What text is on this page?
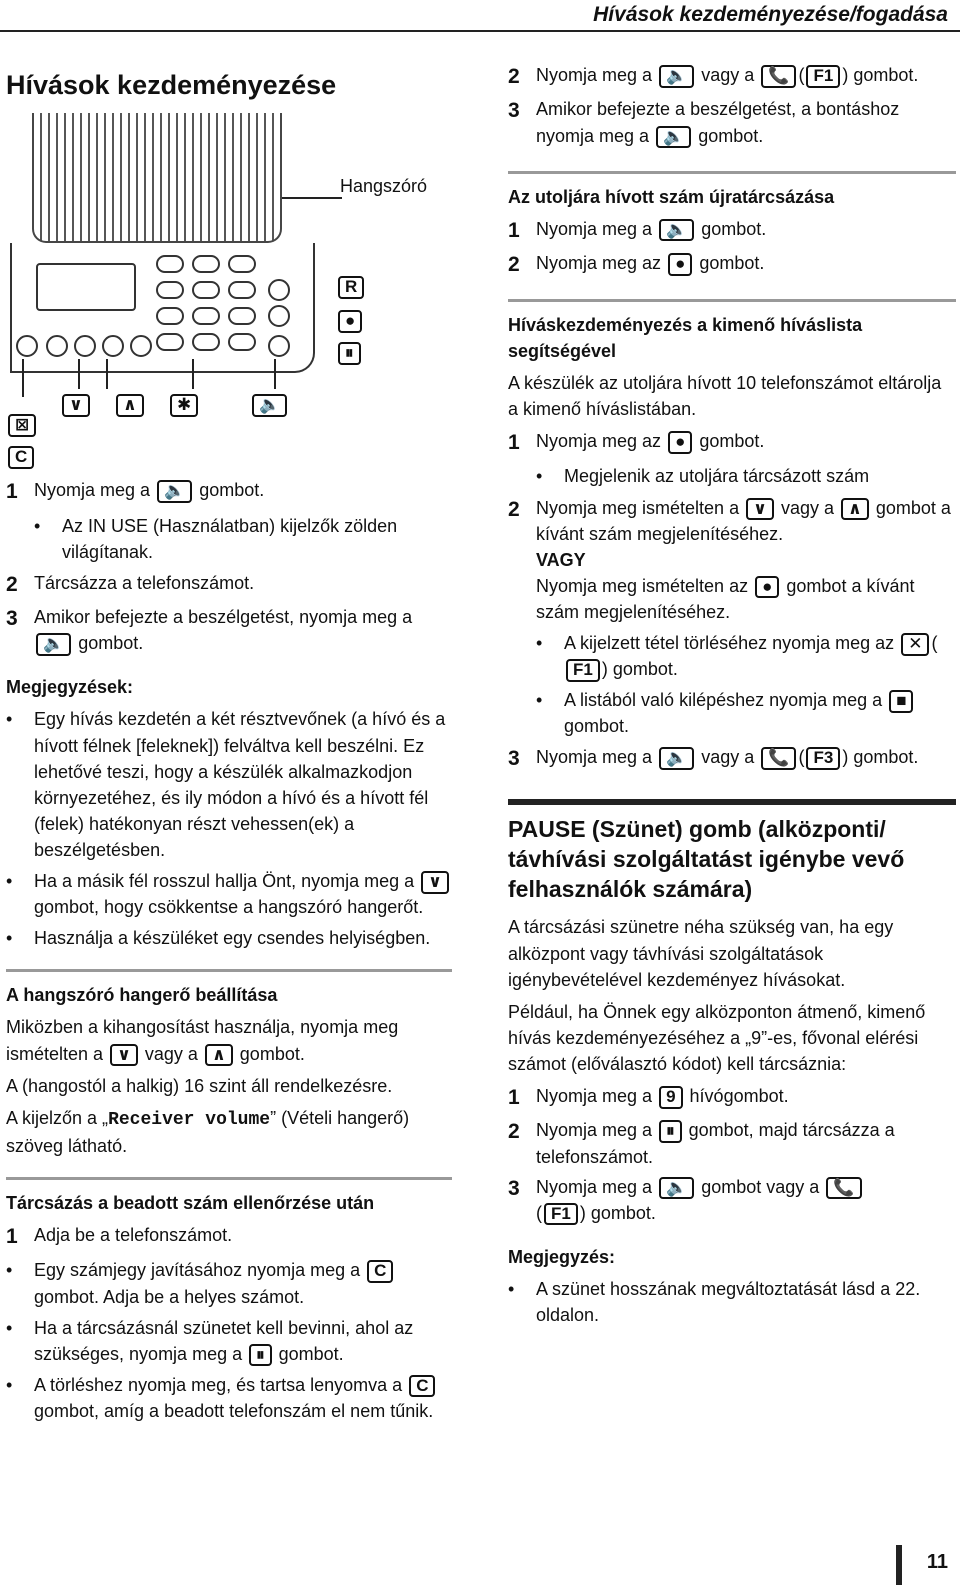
Hívások kezdeményezése/fogadása
Hívások kezdeményezése
Hangszóró
R
●
⏸
∨	∧	✱	🔈
⊠
C
1 Nyomja meg a 🔈 gombot.
•	Az IN USE (Használatban) kijelzők zölden világítanak.
2 Tárcsázza a telefonszámot.
3 Amikor befejezte a beszélgetést, nyomja meg a 🔈 gombot.
Megjegyzések:
•	Egy hívás kezdetén a két résztvevőnek (a hívó és a hívott félnek [feleknek]) felváltva kell beszélni. Ez lehetővé teszi, hogy a készülék alkalmazkodjon környezetéhez, és ily módon a hívó és a hívott fél (felek) hatékonyan részt vehessen(ek) a beszélgetésben.
•	Ha a másik fél rosszul hallja Önt, nyomja meg a ∨ gombot, hogy csökkentse a hangszóró hangerőt.
•	Használja a készüléket egy csendes helyiségben.
A hangszóró hangerő beállítása
Miközben a kihangosítást használja, nyomja meg ismételten a ∨ vagy a ∧ gombot.
A (hangostól a halkig) 16 szint áll rendelkezésre.
A kijelzőn a „Receiver volume” (Vételi hangerő) szöveg látható.
Tárcsázás a beadott szám ellenőrzése után
1 Adja be a telefonszámot.
•	Egy számjegy javításához nyomja meg a C gombot. Adja be a helyes számot.
•	Ha a tárcsázásnál szünetet kell bevinni, ahol az szükséges, nyomja meg a ⏸ gombot.
•	A törléshez nyomja meg, és tartsa lenyomva a C gombot, amíg a beadott telefonszám el nem tűnik.
2 Nyomja meg a 🔈 vagy a 📞 ( F1 ) gombot.
3 Amikor befejezte a beszélgetést, a bontáshoz nyomja meg a 🔈 gombot.
Az utoljára hívott szám újratárcsázása
1 Nyomja meg a 🔈 gombot.
2 Nyomja meg az ● gombot.
Híváskezdeményezés a kimenő híváslista segítségével
A készülék az utoljára hívott 10 telefonszámot eltárolja a kimenő híváslistában.
1 Nyomja meg az ● gombot.
•	Megjelenik az utoljára tárcsázott szám
2 Nyomja meg ismételten a ∨ vagy a ∧ gombot a kívánt szám megjelenítéséhez.
VAGY
Nyomja meg ismételten az ● gombot a kívánt szám megjelenítéséhez.
•	A kijelzett tétel törléséhez nyomja meg az ✕ (F1 ) gombot.
•	A listából való kilépéshez nyomja meg a ■ gombot.
3 Nyomja meg a 🔈 vagy a 📞 ( F3 ) gombot.
PAUSE (Szünet) gomb (alközponti/ távhívási szolgáltatást igénybe vevő felhasználók számára)
A tárcsázási szünetre néha szükség van, ha egy alközpont vagy távhívási szolgáltatások igénybevételével kezdeményez hívásokat.
Például, ha Önnek egy alközponton átmenő, kimenő hívás kezdeményezéséhez a „9”-es, fővonal elérési számot (előválasztó kódot) kell tárcsáznia:
1 Nyomja meg a 9 hívógombot.
2 Nyomja meg a ⏸ gombot, majd tárcsázza a telefonszámot.
3 Nyomja meg a 🔈 gombot vagy a 📞
( F1 ) gombot.
Megjegyzés:
•	A szünet hosszának megváltoztatását lásd a 22. oldalon.
11
